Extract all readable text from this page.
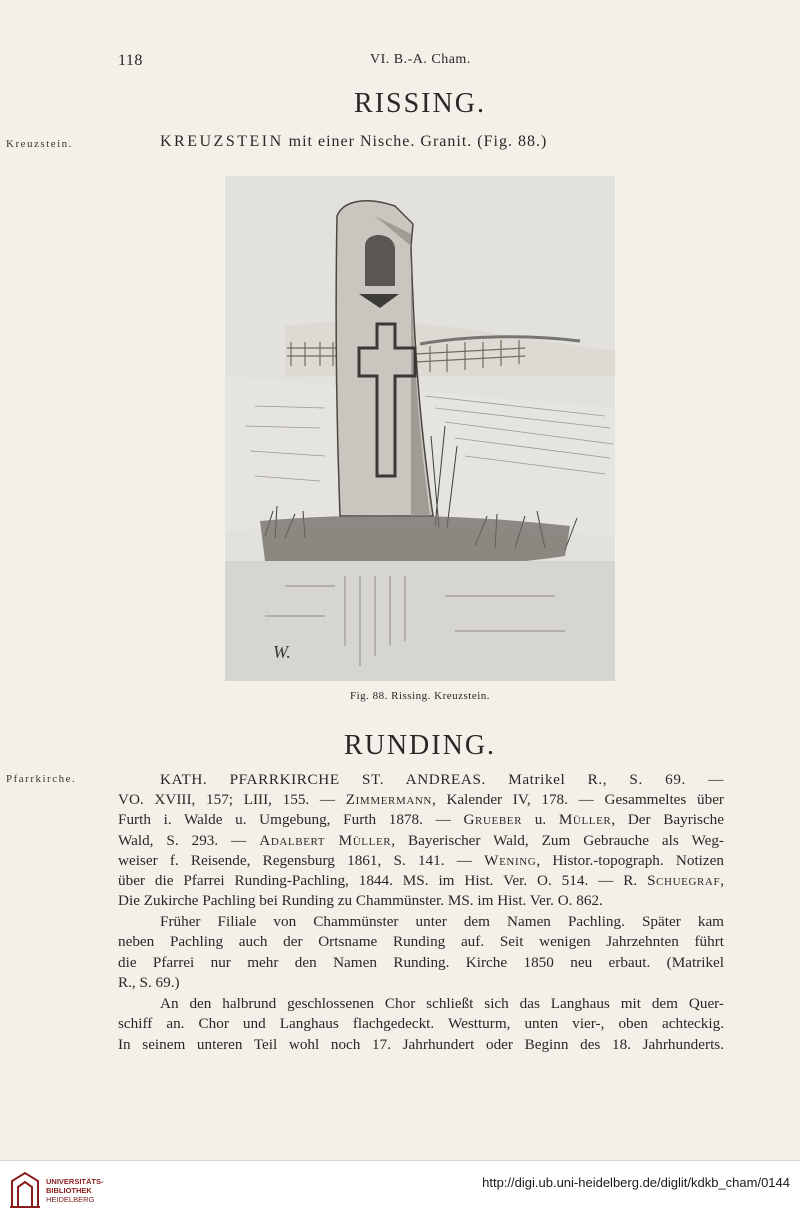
118	VI. B.-A. Cham.
RISSING.
Kreuzstein.	KREUZSTEIN mit einer Nische. Granit. (Fig. 88.)
W.
Fig. 88. Rissing. Kreuzstein.
RUNDING.
Pfarrkirche.	KATH. PFARRKIRCHE ST. ANDREAS. Matrikel R., S. 69. —
VO. XVIII, 157; LIII, 155. — Zimmermann, Kalender IV, 178. — Gesammeltes über
Furth i. Walde u. Umgebung, Furth 1878. — Grueber u. Müller, Der Bayrische
Wald, S. 293. — Adalbert Müller, Bayerischer Wald, Zum Gebrauche als Weg-
weiser f. Reisende, Regensburg 1861, S. 141. — Wening, Histor.-topograph. Notizen
über die Pfarrei Runding-Pachling, 1844. MS. im Hist. Ver. O. 514. — R. Schuegraf,
Die Zukirche Pachling bei Runding zu Chammünster. MS. im Hist. Ver. O. 862.
Früher Filiale von Chammünster unter dem Namen Pachling. Später kam
neben Pachling auch der Ortsname Runding auf. Seit wenigen Jahrzehnten führt
die Pfarrei nur mehr den Namen Runding. Kirche 1850 neu erbaut. (Matrikel
R., S. 69.)
An den halbrund geschlossenen Chor schließt sich das Langhaus mit dem Quer-
schiff an. Chor und Langhaus flachgedeckt. Westturm, unten vier-, oben achteckig.
In seinem unteren Teil wohl noch 17. Jahrhundert oder Beginn des 18. Jahrhunderts.
UNIVERSITÄTS-
BIBLIOTHEK
HEIDELBERG
http://digi.ub.uni-heidelberg.de/diglit/kdkb_cham/0144
